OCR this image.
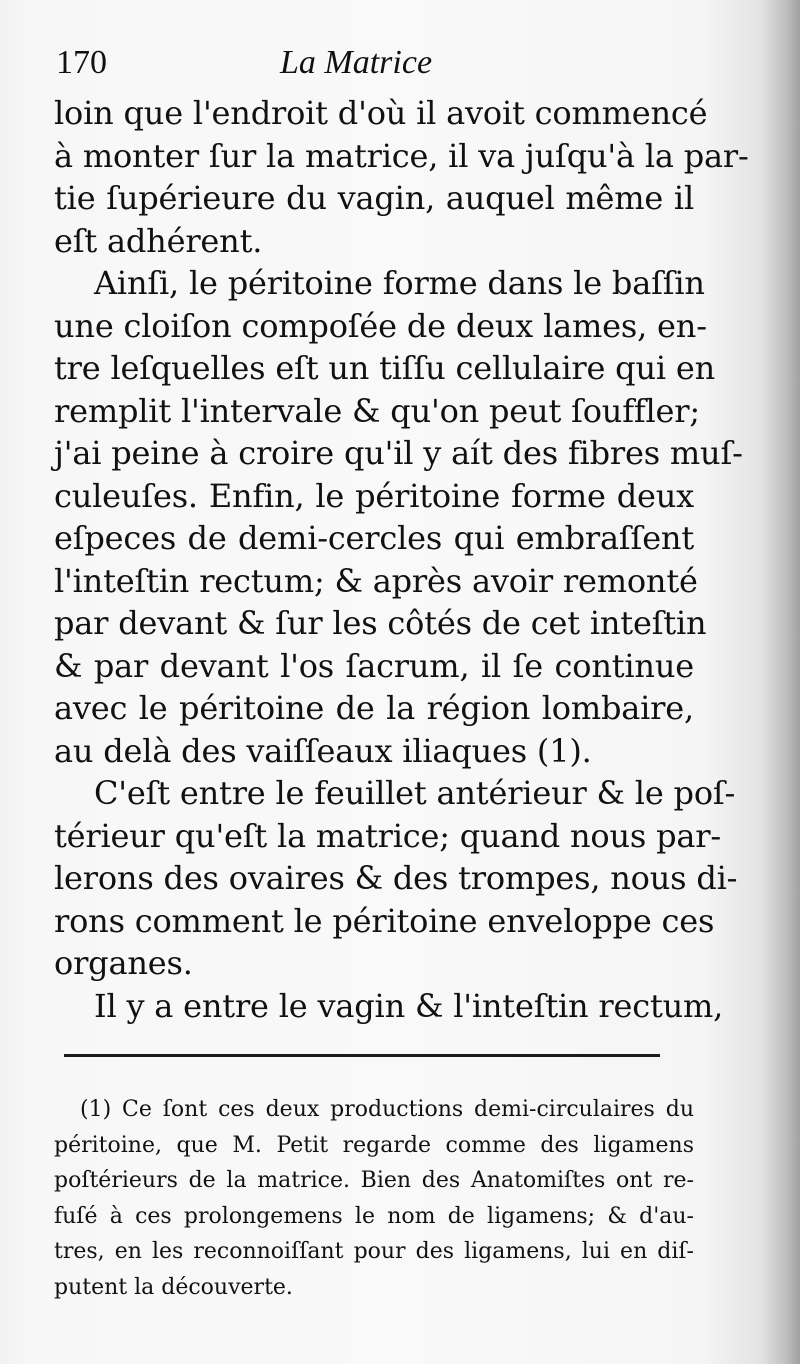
170	La Matrice
loin que l'endroit d'où il avoit commencé
à monter ſur la matrice, il va juſqu'à la par-
tie ſupérieure du vagin, auquel même il
eſt adhérent.
Ainſi, le péritoine forme dans le baſſin
une cloiſon compoſée de deux lames, en-
tre leſquelles eſt un tiſſu cellulaire qui en
remplit l'intervale & qu'on peut ſouffler;
j'ai peine à croire qu'il y aít des fibres muſ-
culeuſes. Enfin, le péritoine forme deux
eſpeces de demi-cercles qui embraſſent
l'inteſtin rectum; & après avoir remonté
par devant & ſur les côtés de cet inteſtin
& par devant l'os ſacrum, il ſe continue
avec le péritoine de la région lombaire,
au delà des vaiſſeaux iliaques (1).
C'eſt entre le feuillet antérieur & le poſ-
térieur qu'eſt la matrice; quand nous par-
lerons des ovaires & des trompes, nous di-
rons comment le péritoine enveloppe ces
organes.
Il y a entre le vagin & l'inteſtin rectum,
(1) Ce ſont ces deux productions demi-circulaires du
péritoine, que M. Petit regarde comme des ligamens
poſtérieurs de la matrice. Bien des Anatomiſtes ont re-
fuſé à ces prolongemens le nom de ligamens; & d'au-
tres, en les reconnoiſſant pour des ligamens, lui en diſ-
putent la découverte.
